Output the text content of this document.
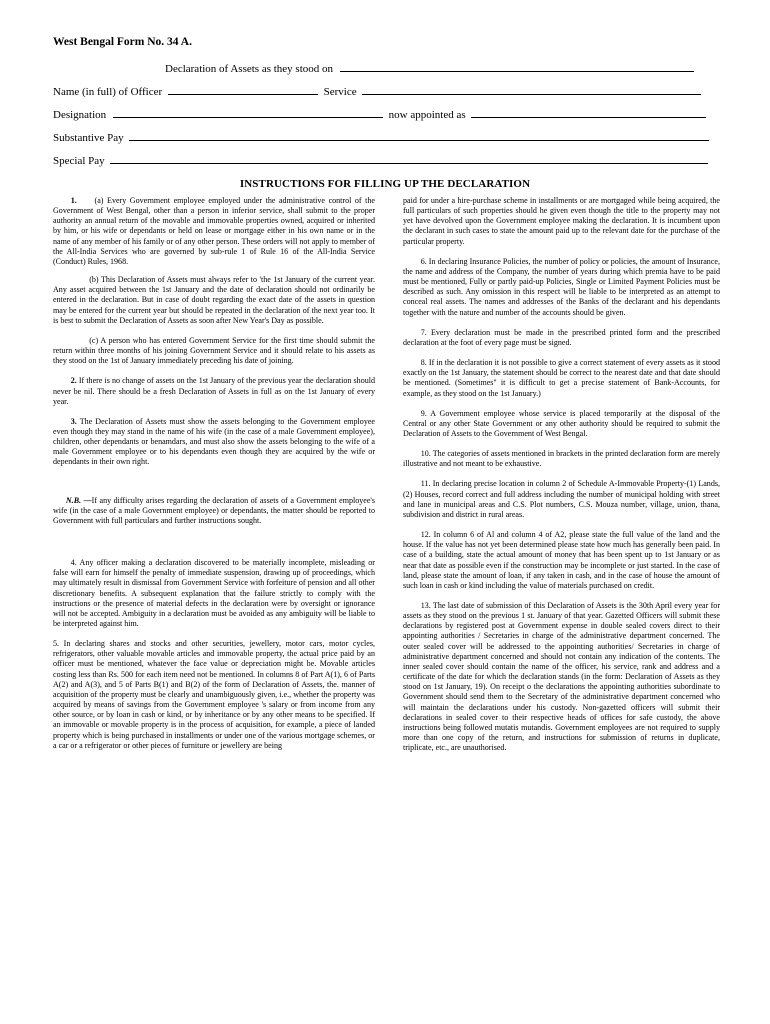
West Bengal Form No. 34 A.
Declaration of Assets as they stood on
Name (in full) of Officer	Service
Designation	now appointed as
Substantive Pay
Special Pay
INSTRUCTIONS FOR FILLING UP THE DECLARATION

1. (a) Every Government employee employed under the administrative control of the Government of West Bengal, other than a person in inferior service, shall submit to the proper authority an annual return of the movable and immovable properties owned, acquired or inherited by him, or his wife or dependants or held on lease or mortgage either in his own name or in the name of any member of his family or of any other person. These orders will not apply to member of the All-India Services who are governed by sub-rule 1 of Rule 16 of the All-India Service (Conduct) Rules, 1968.

(b) This Declaration of Assets must always refer to 'the 1st January of the current year. Any asset acquired between the 1st January and the date of declaration should not ordinarily be entered in the declaration. But in case of doubt regarding the exact date of the assets in question may be entered for the current year but should be repeated in the declaration of the next year too. It is best to submit the Declaration of Assets as soon after New Year's Day as possible.

(c) A person who has entered Government Service for the first time should submit the return within three months of his joining Government Service and it should relate to his assets as they stood on the 1st of January immediately preceding his date of joining.

2. If there is no change of assets on the 1st January of the previous year the declaration should never be nil. There should be a fresh Declaration of Assets in full as on the 1st January of every year.

3. The Declaration of Assets must show the assets belonging to the Government employee even though they may stand in the name of his wife (in the case of a male Government employee), children, other dependants or benamdars, and must also show the assets belonging to the wife of a male Government employee or to his dependants even though they are acquired by the wife or dependants in their own right.

N.B. —If any difficulty arises regarding the declaration of assets of a Government employee's wife (in the case of a male Government employee) or dependants, the matter should be reported to Government with full particulars and further instructions sought.

4. Any officer making a declaration discovered to be materially incomplete, misleading or false will earn for himself the penalty of immediate suspension, drawing up of proceedings, which may ultimately result in dismissal from Government Service with forfeiture of pension and all other discretionary benefits. A subsequent explanation that the failure strictly to comply with the instructions or the presence of material defects in the declaration were by oversight or ignorance will not be accepted. Ambiguity in a declaration must be avoided as any ambiguity will be liable to be interpreted against him.

5. In declaring shares and stocks and other securities, jewellery, motor cars, motor cycles, refrigerators, other valuable movable articles and immovable property, the actual price paid by an officer must be mentioned, whatever the face value or depreciation might be. Movable articles costing less than Rs. 500 for each item need not be mentioned. In columns 8 of Part A(1), 6 of Parts A(2) and A(3), and 5 of Parts B(1) and B(2) of the form of Declaration of Assets, the. manner of acquisition of the property must be clearly and unambiguously given, i.e., whether the property was acquired by means of savings from the Government employee 's salary or from income from any other source, or by loan in cash or kind, or by inheritance or by any other means to be specified. If an immovable or movable property is in the process of acquisition, for example, a piece of landed property which is being purchased in installments or under one of the various mortgage schemes, or a car or a refrigerator or other pieces of furniture or jewellery are being

paid for under a hire-purchase scheme in installments or are mortgaged while being acquired, the full particulars of such properties should he given even though the title to the property may not yet have devolved upon the Government employee making the declaration. It is incumbent upon the declarant in such cases to state the amount paid up to the relevant date for the purchase of the particular property.

6. In declaring Insurance Policies, the number of policy or policies, the amount of Insurance, the name and address of the Company, the number of years during which premia have to be paid must be mentioned, Fully or partly paid-up Policies, Single or Limited Payment Policies must be described as such. Any omission in this respect will be liable to be interpreted as an attempt to conceal real assets. The names and addresses of the Banks of the declarant and his dependants together with the nature and number of the accounts should be given.

7. Every declaration must be made in the prescribed printed form and the prescribed declaration at the foot of every page must be signed.

8. If in the declaration it is not possible to give a correct statement of every assets as it stood exactly on the 1st January, the statement should be correct to the nearest date and that date should be mentioned. (Sometimes" it is difficult to get a precise statement of Bank-Accounts, for example, as they stood on the 1st January.)

9. A Government employee whose service is placed temporarily at the disposal of the Central or any other State Government or any other authority should be required to submit the Declaration of Assets to the Government of West Bengal.

10. The categories of assets mentioned in brackets in the printed declaration form are merely illustrative and not meant to be exhaustive.

11. In declaring precise location in column 2 of Schedule A-Immovable Property-(1) Lands, (2) Houses, record correct and full address including the number of municipal holding with street and lane in municipal areas and C.S. Plot numbers, C.S. Mouza number, village, union, thana, subdivision and district in rural areas.

12. In column 6 of Al and column 4 of A2, please state the full value of the land and the house. If the value has not yet been determined please state how much has generally been paid. In case of a building, state the actual amount of money that has been spent up to 1st January or as near that date as possible even if the construction may be incomplete or just started. In the case of land, please state the amount of loan, if any taken in cash, and in the case of house the amount of such loan in cash or kind including the value of materials purchased on credit.

13. The last date of submission of this Declaration of Assets is the 30th April every year for assets as they stood on the previous 1 st. January of that year. Gazetted Officers will submit these declarations by registered post at Government expense in double sealed covers direct to their appointing authorities / Secretaries in charge of the administrative department concerned. The outer sealed cover will be addressed to the appointing authorities/ Secretaries in charge of administrative department concerned and should not contain any indication of the contents. The inner sealed cover should contain the name of the officer, his service, rank and address and a certificate of the date for which the declaration stands (in the form: Declaration of Assets as they stood on 1st January, 19). On receipt o the declarations the appointing authorities subordinate to Government should send them to the Secretary of the administrative department concerned who will maintain the declarations under his custody. Non-gazetted officers will submit their declarations in sealed cover to their respective heads of offices for safe custody, the above instructions being followed mutatis mutandis. Government employees are not required to supply more than one copy of the return, and instructions for submission of returns in duplicate, triplicate, etc., are unauthorised.
